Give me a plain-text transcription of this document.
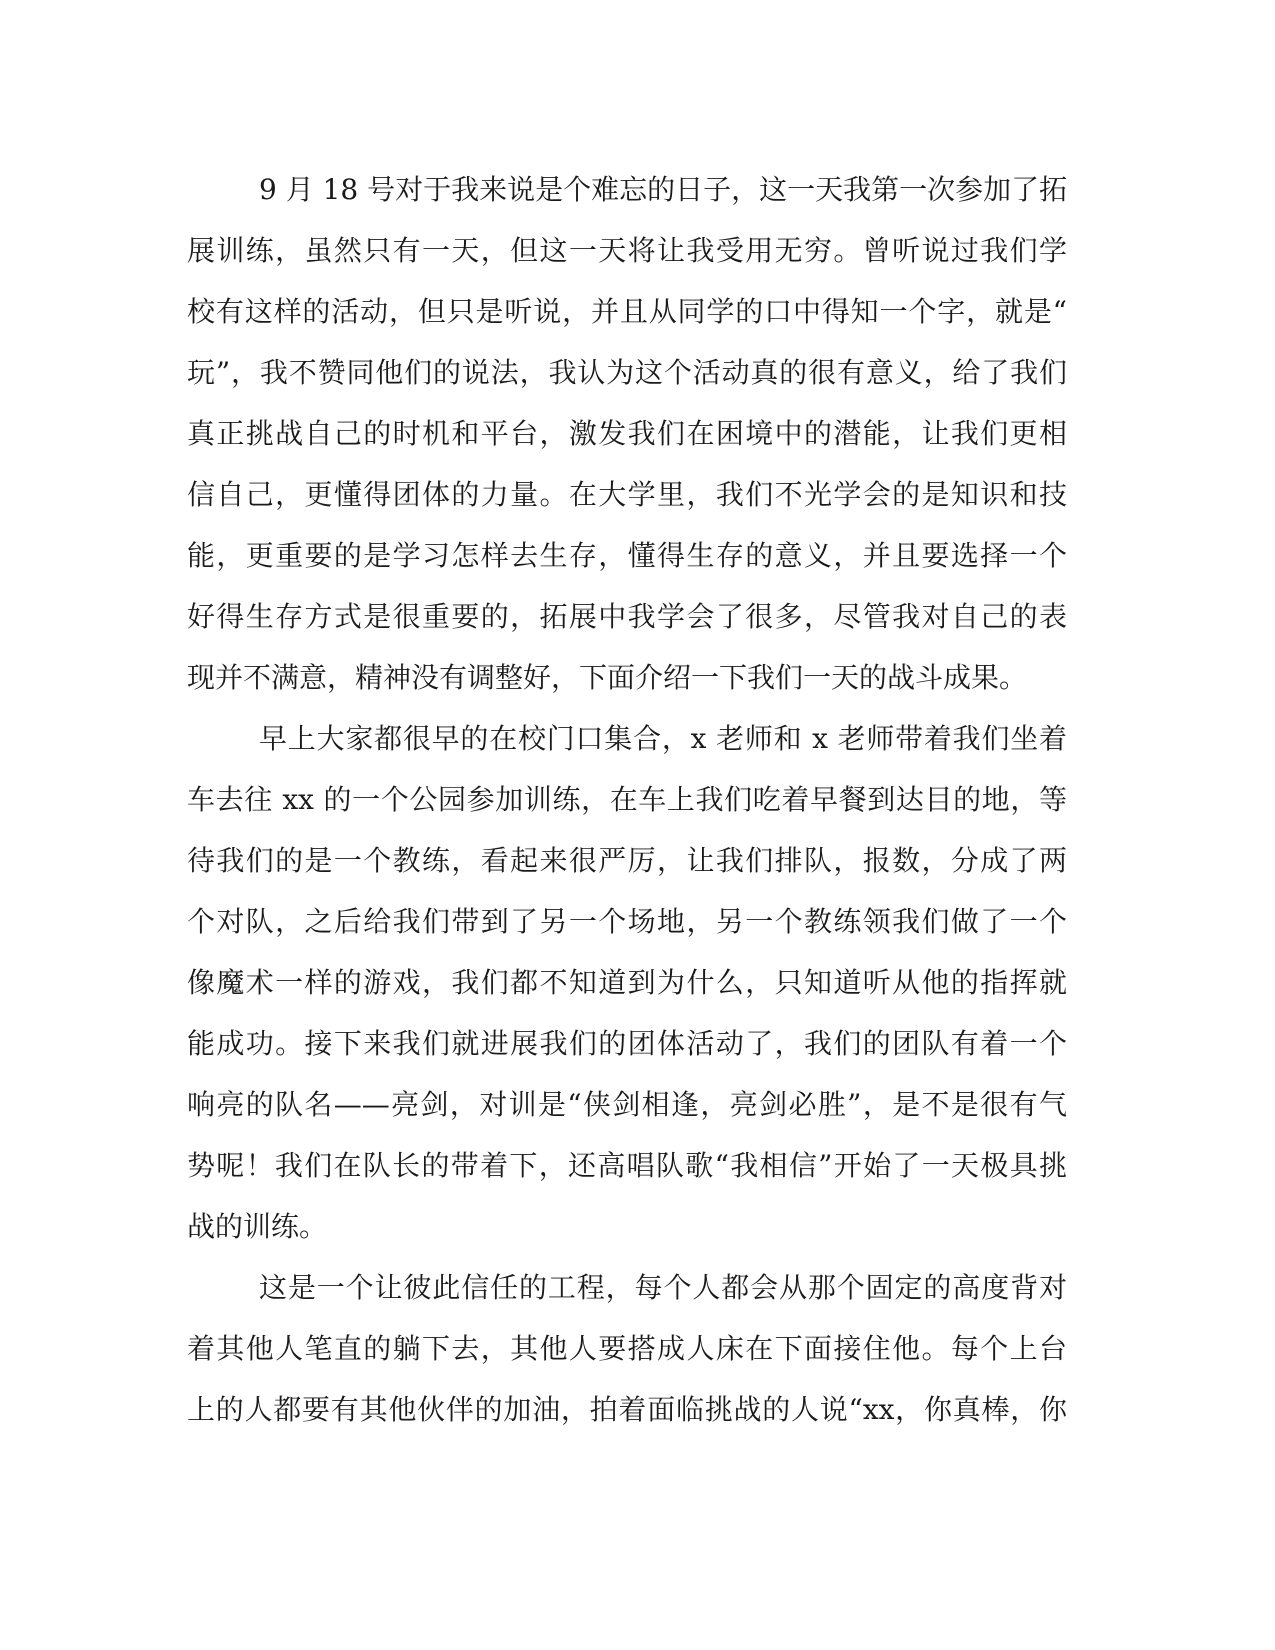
9 月 18 号对于我来说是个难忘的日子，这一天我第一次参加了拓
展训练，虽然只有一天，但这一天将让我受用无穷。曾听说过我们学
校有这样的活动，但只是听说，并且从同学的口中得知一个字，就是“
玩”，我不赞同他们的说法，我认为这个活动真的很有意义，给了我们
真正挑战自己的时机和平台，激发我们在困境中的潜能，让我们更相
信自己，更懂得团体的力量。在大学里，我们不光学会的是知识和技
能，更重要的是学习怎样去生存，懂得生存的意义，并且要选择一个
好得生存方式是很重要的，拓展中我学会了很多，尽管我对自己的表
现并不满意，精神没有调整好，下面介绍一下我们一天的战斗成果。
早上大家都很早的在校门口集合，x 老师和 x 老师带着我们坐着
车去往 xx 的一个公园参加训练，在车上我们吃着早餐到达目的地，等
待我们的是一个教练，看起来很严厉，让我们排队，报数，分成了两
个对队，之后给我们带到了另一个场地，另一个教练领我们做了一个
像魔术一样的游戏，我们都不知道到为什么，只知道听从他的指挥就
能成功。接下来我们就进展我们的团体活动了，我们的团队有着一个
响亮的队名——亮剑，对训是“侠剑相逢，亮剑必胜”，是不是很有气
势呢！我们在队长的带着下，还高唱队歌“我相信”开始了一天极具挑
战的训练。
这是一个让彼此信任的工程，每个人都会从那个固定的高度背对
着其他人笔直的躺下去，其他人要搭成人床在下面接住他。每个上台
上的人都要有其他伙伴的加油，拍着面临挑战的人说“xx，你真棒，你
